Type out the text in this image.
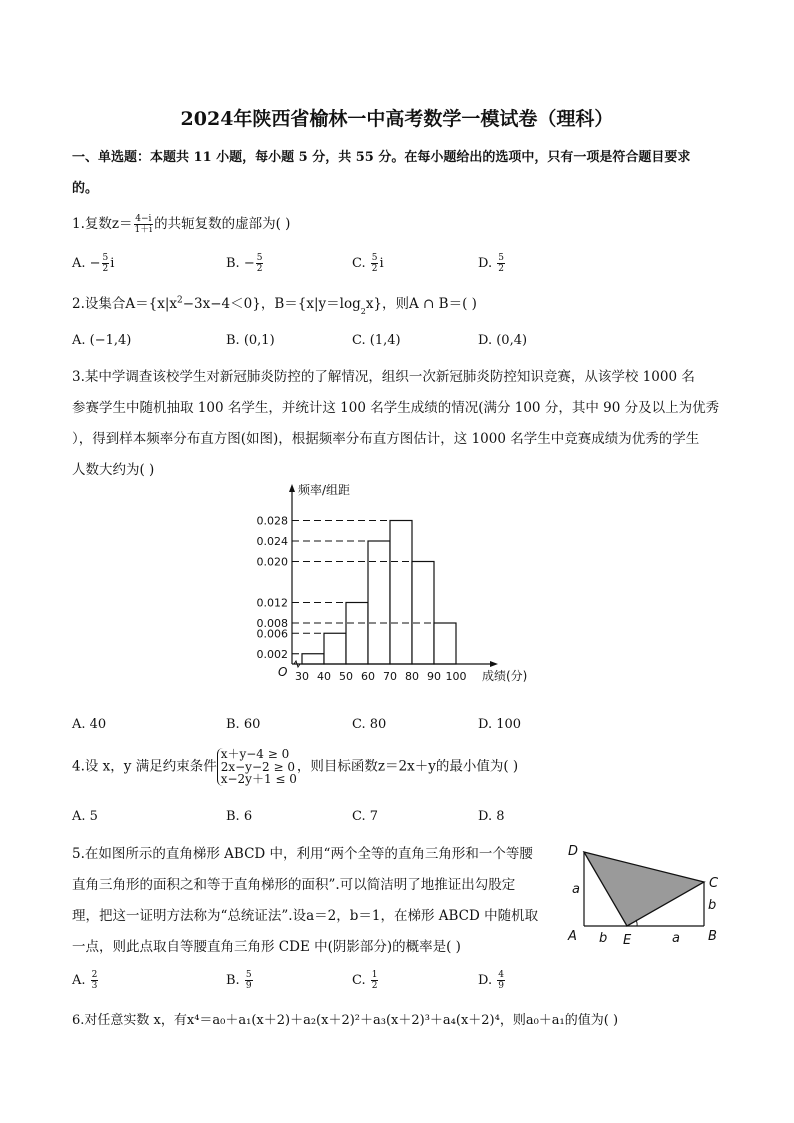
2024年陕西省榆林一中高考数学一模试卷（理科）
一、单选题：本题共 11 小题，每小题 5 分，共 55 分。在每小题给出的选项中，只有一项是符合题目要求
的。
1.复数$z= \frac{4-i}{1+i}$ 的共轭复数的虚部为( )
A. − $\frac{5}{2}$ i	B. − $\frac{5}{2}$	C. $\frac{5}{2}$ i	D. $\frac{5}{2}$
2.设集合$A=\{x|x^2-3x-4<0\}$，$B=\{x|y=\log_2x\}$，则A ∩ B＝( )
A. (−1,4)	B. (0,1)	C. (1,4)	D. (0,4)
3.某中学调查该校学生对新冠肺炎防控的了解情况，组织一次新冠肺炎防控知识竞赛，从该学校 1000 名
参赛学生中随机抽取 100 名学生，并统计这 100 名学生成绩的情况(满分 100 分，其中 90 分及以上为优秀
），得到样本频率分布直方图(如图)，根据频率分布直方图估计，这 1000 名学生中竞赛成绩为优秀的学生
人数大约为( )
0.028
0.024
0.020
0.012
0.008
0.006
0.002
30 40 50 60 70 80 90 100
O
频率/组距
成绩(分)
A. 40	B. 60	C. 80	D. 100
4.设 x，y 满足约束条件
x＋y−4 ≥ 0
2x−y−2 ≥ 0
x−2y＋1 ≤ 0
，则目标函数z＝2x＋y的最小值为( )
A. 5	B. 6	C. 7	D. 8
5.在如图所示的直角梯形 ABCD 中，利用“两个全等的直角三角形和一个等腰
直角三角形的面积之和等于直角梯形的面积”.可以简洁明了地推证出勾股定
理，把这一证明方法称为“总统证法”.设a＝2，b＝1，在梯形 ABCD 中随机取
一点，则此点取自等腰直角三角形 CDE 中(阴影部分)的概率是( )
D
C
A	E	B
a
b
b	a
A. $\frac{2}{3}$	B. $\frac{5}{9}$	C. $\frac{1}{2}$	D. $\frac{4}{9}$
6.对任意实数 x，有x⁴＝a₀＋a₁(x＋2)＋a₂(x＋2)²＋a₃(x＋2)³＋a₄(x＋2)⁴，则a₀＋a₁的值为( )
